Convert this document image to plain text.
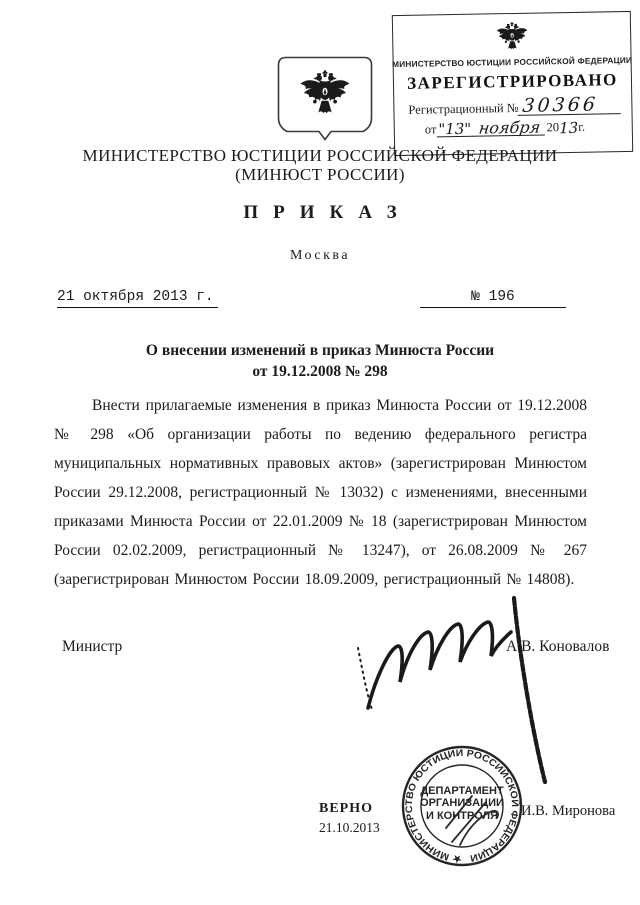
МИНИСТЕРСТВО ЮСТИЦИИ РОССИЙСКОЙ ФЕДЕРАЦИИ
ЗАРЕГИСТРИРОВАНО
Регистрационный № 30366
от "13" ноября 20 13 г.
МИНИСТЕРСТВО ЮСТИЦИИ РОССИЙСКОЙ ФЕДЕРАЦИИ
(МИНЮСТ РОССИИ)
ПРИКАЗ
Москва
21 октября 2013 г.	№ 196
О внесении изменений в приказ Минюста России
от 19.12.2008 № 298
Внести прилагаемые изменения в приказ Минюста России от 19.12.2008 № 298 «Об организации работы по ведению федерального регистра муниципальных нормативных правовых актов» (зарегистрирован Минюстом России 29.12.2008, регистрационный № 13032) с изменениями, внесенными приказами Минюста России от 22.01.2009 № 18 (зарегистрирован Минюстом России 02.02.2009, регистрационный № 13247), от 26.08.2009 № 267 (зарегистрирован Минюстом России 18.09.2009, регистрационный № 14808).
Министр	А.В. Коновалов
ВЕРНО
21.10.2013
И.В. Миронова
★ МИНИСТЕРСТВО ЮСТИЦИИ РОССИЙСКОЙ ФЕДЕРАЦИИ
ДЕПАРТАМЕНТ
ОРГАНИЗАЦИИ
И КОНТРОЛЯ
